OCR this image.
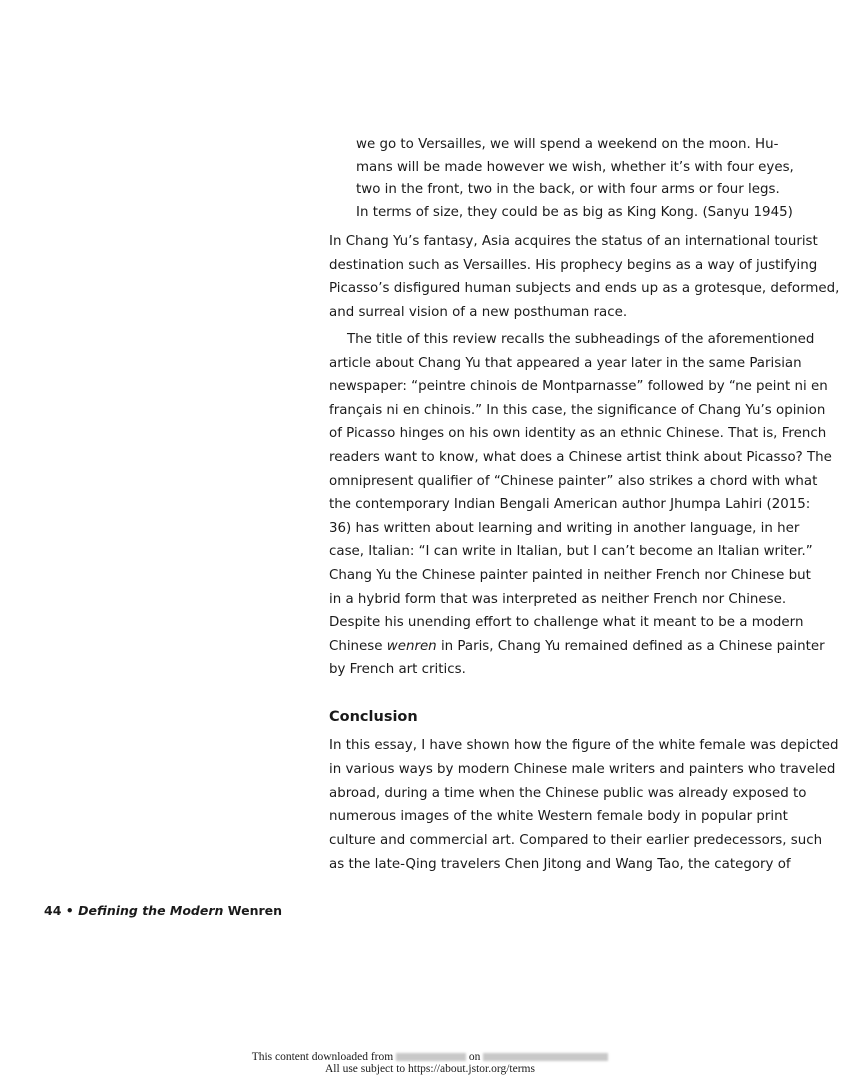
we go to Versailles, we will spend a weekend on the moon. Hu-
mans will be made however we wish, whether it’s with four eyes,
two in the front, two in the back, or with four arms or four legs.
In terms of size, they could be as big as King Kong. (Sanyu 1945)
In Chang Yu’s fantasy, Asia acquires the status of an international tourist
destination such as Versailles. His prophecy begins as a way of justifying
Picasso’s disfigured human subjects and ends up as a grotesque, deformed,
and surreal vision of a new posthuman race.
The title of this review recalls the subheadings of the aforementioned
article about Chang Yu that appeared a year later in the same Parisian
newspaper: “peintre chinois de Montparnasse” followed by “ne peint ni en
français ni en chinois.” In this case, the significance of Chang Yu’s opinion
of Picasso hinges on his own identity as an ethnic Chinese. That is, French
readers want to know, what does a Chinese artist think about Picasso? The
omnipresent qualifier of “Chinese painter” also strikes a chord with what
the contemporary Indian Bengali American author Jhumpa Lahiri (2015:
36) has written about learning and writing in another language, in her
case, Italian: “I can write in Italian, but I can’t become an Italian writer.”
Chang Yu the Chinese painter painted in neither French nor Chinese but
in a hybrid form that was interpreted as neither French nor Chinese.
Despite his unending effort to challenge what it meant to be a modern
Chinese wenren in Paris, Chang Yu remained defined as a Chinese painter
by French art critics.
Conclusion
In this essay, I have shown how the figure of the white female was depicted
in various ways by modern Chinese male writers and painters who traveled
abroad, during a time when the Chinese public was already exposed to
numerous images of the white Western female body in popular print
culture and commercial art. Compared to their earlier predecessors, such
as the late-Qing travelers Chen Jitong and Wang Tao, the category of
44 • Defining the Modern Wenren
This content downloaded from	on
All use subject to https://about.jstor.org/terms
